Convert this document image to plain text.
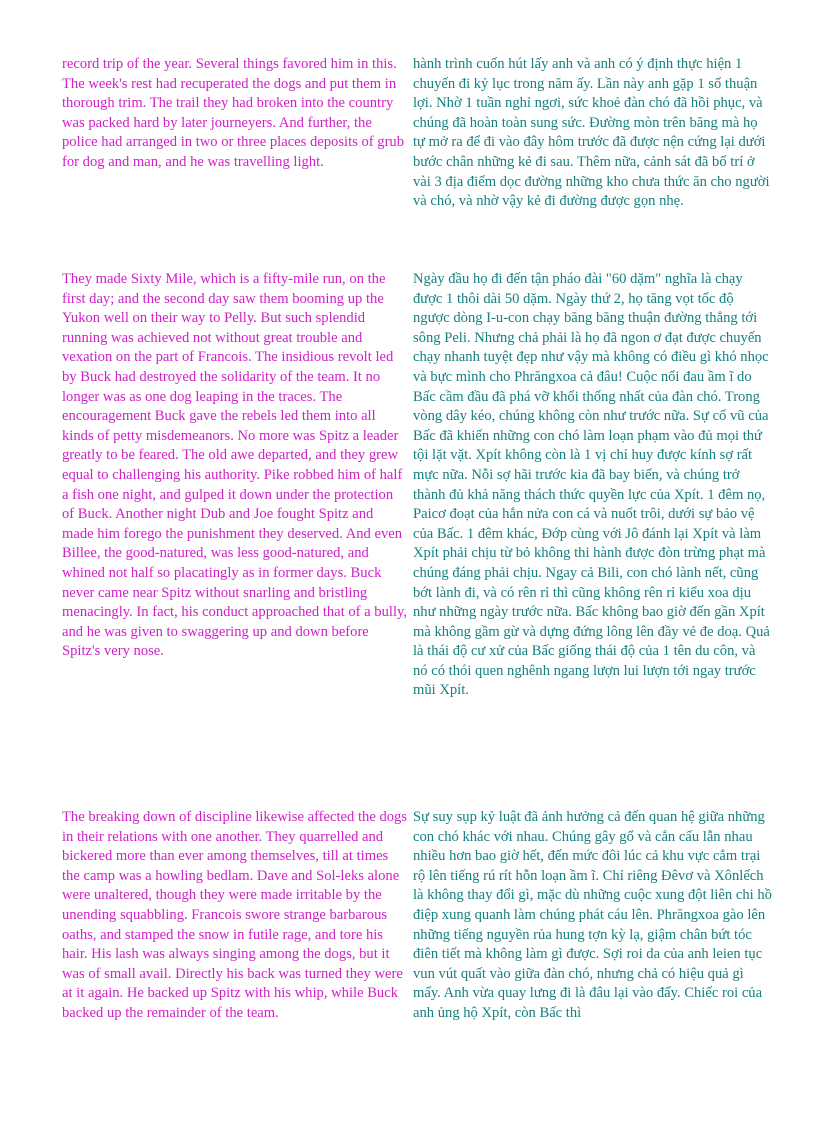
record trip of the year. Several things favored him in this. The week's rest had recuperated the dogs and put them in thorough trim. The trail they had broken into the country was packed hard by later journeyers. And further, the police had arranged in two or three places deposits of grub for dog and man, and he was travelling light.

hành trình cuốn hút lấy anh và anh có ý định thực hiện 1 chuyến đi kỷ lục trong năm ấy. Lần này anh gặp 1 số thuận lợi. Nhờ 1 tuần nghỉ ngơi, sức khoẻ đàn chó đã hồi phục, và chúng đã hoàn toàn sung sức. Đường mòn trên băng mà họ tự mở ra để đi vào đây hôm trước đã được nện cứng lại dưới bước chân những kẻ đi sau. Thêm nữa, cảnh sát đã bố trí ở vài 3 địa điểm dọc đường những kho chưa thức ăn cho người và chó, và nhờ vậy kẻ đi đường được gọn nhẹ.

They made Sixty Mile, which is a fifty-mile run, on the first day; and the second day saw them booming up the Yukon well on their way to Pelly. But such splendid running was achieved not without great trouble and vexation on the part of Francois. The insidious revolt led by Buck had destroyed the solidarity of the team. It no longer was as one dog leaping in the traces. The encouragement Buck gave the rebels led them into all kinds of petty misdemeanors. No more was Spitz a leader greatly to be feared. The old awe departed, and they grew equal to challenging his authority. Pike robbed him of half a fish one night, and gulped it down under the protection of Buck. Another night Dub and Joe fought Spitz and made him forego the punishment they deserved. And even Billee, the good-natured, was less good-natured, and whined not half so placatingly as in former days. Buck never came near Spitz without snarling and bristling menacingly. In fact, his conduct approached that of a bully, and he was given to swaggering up and down before Spitz's very nose.

Ngày đầu họ đi đến tận pháo đài "60 dặm" nghĩa là chạy được 1 thôi dài 50 dặm. Ngày thứ 2, họ tăng vọt tốc độ ngược dòng I-u-con chạy băng băng thuận đường thẳng tới sông Peli. Nhưng chả phải là họ đã ngon ơ đạt được chuyến chạy nhanh tuyệt đẹp như vậy mà không có điều gì khó nhọc và bực mình cho Phrăngxoa cả đâu! Cuộc nổi đau ầm ĩ do Bấc cầm đầu đã phá vỡ khối thống nhất của đàn chó. Trong vòng dây kéo, chúng không còn như trước nữa. Sự cổ vũ của Bấc đã khiến những con chó làm loạn phạm vào đủ mọi thứ tội lặt vặt. Xpít không còn là 1 vị chỉ huy được kính sợ rất mực nữa. Nỗi sợ hãi trước kia đã bay biến, và chúng trở thành đủ khả năng thách thức quyền lực của Xpít. 1 đêm nọ, Paicơ đoạt của hắn nửa con cá và nuốt trôi, dưới sự bảo vệ của Bấc. 1 đêm khác, Đớp cùng với Jô đánh lại Xpít và làm Xpít phải chịu từ bỏ không thi hành được đòn trừng phạt mà chúng đáng phải chịu. Ngay cả Bili, con chó lành nết, cũng bớt lành đi, và có rên rỉ thì cũng không rên rỉ kiểu xoa dịu như những ngày trước nữa. Bấc không bao giờ đến gần Xpít mà không gầm gừ và dựng đứng lông lên đầy vẻ đe doạ. Quả là thái độ cư xử của Bấc giống thái độ của 1 tên du côn, và nó có thói quen nghênh ngang lượn lui lượn tới ngay trước mũi Xpít.

The breaking down of discipline likewise affected the dogs in their relations with one another. They quarrelled and bickered more than ever among themselves, till at times the camp was a howling bedlam. Dave and Sol-leks alone were unaltered, though they were made irritable by the unending squabbling. Francois swore strange barbarous oaths, and stamped the snow in futile rage, and tore his hair. His lash was always singing among the dogs, but it was of small avail. Directly his back was turned they were at it again. He backed up Spitz with his whip, while Buck backed up the remainder of the team.

Sự suy sụp kỷ luật đã ảnh hưởng cả đến quan hệ giữa những con chó khác với nhau. Chúng gây gổ và cắn cấu lẫn nhau nhiều hơn bao giờ hết, đến mức đôi lúc cả khu vực cắm trại rộ lên tiếng rú rít hỗn loạn ầm ĩ. Chỉ riêng Đêvơ và Xônlếch là không thay đổi gì, mặc dù những cuộc xung đột liên chi hồ điệp xung quanh làm chúng phát cáu lên. Phrăngxoa gào lên những tiếng nguyền rủa hung tợn kỳ lạ, giậm chân bứt tóc điên tiết mà không làm gì được. Sợi roi da của anh leien tục vun vút quất vào giữa đàn chó, nhưng chả có hiệu quả gì mấy. Anh vừa quay lưng đi là đâu lại vào đấy. Chiếc roi của anh ủng hộ Xpít, còn Bấc thì
